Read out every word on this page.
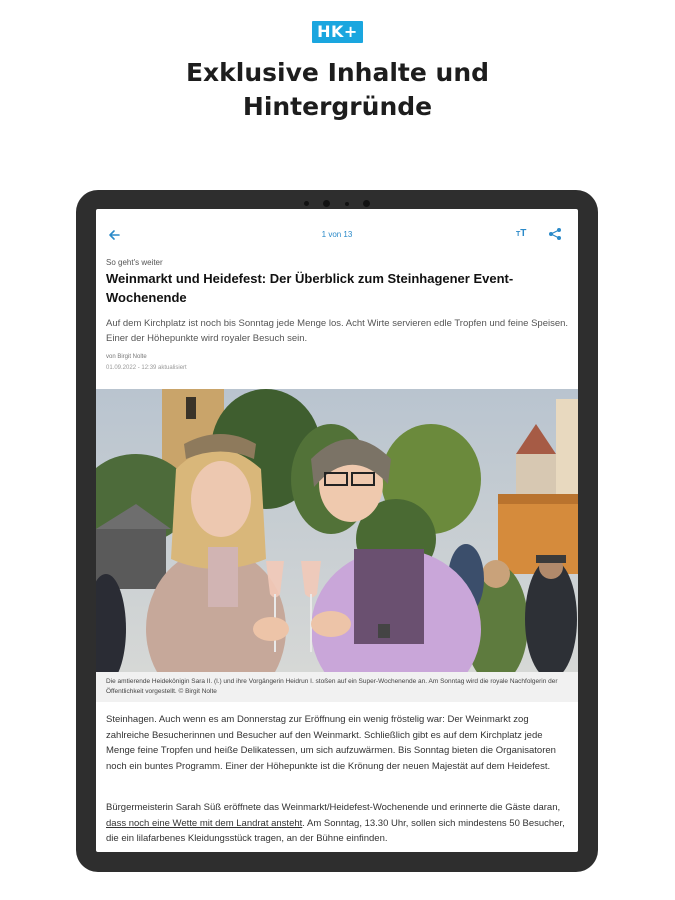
HK+
Exklusive Inhalte und
Hintergründe

1 von 13	TT
So geht's weiter
Weinmarkt und Heidefest: Der Überblick zum Steinhagener Event-Wochenende
Auf dem Kirchplatz ist noch bis Sonntag jede Menge los. Acht Wirte servieren edle Tropfen und feine Speisen. Einer der Höhepunkte wird royaler Besuch sein.
von Birgit Nolte
01.09.2022 - 12:39 aktualisiert
Die amtierende Heidekönigin Sara II. (l.) und ihre Vorgängerin Heidrun I. stoßen auf ein Super-Wochenende an. Am Sonntag wird die royale Nachfolgerin der Öffentlichkeit vorgestellt. © Birgit Nolte
Steinhagen. Auch wenn es am Donnerstag zur Eröffnung ein wenig fröstelig war: Der Weinmarkt zog zahlreiche Besucherinnen und Besucher auf den Weinmarkt. Schließlich gibt es auf dem Kirchplatz jede Menge feine Tropfen und heiße Delikatessen, um sich aufzuwärmen. Bis Sonntag bieten die Organisatoren noch ein buntes Programm. Einer der Höhepunkte ist die Krönung der neuen Majestät auf dem Heidefest.
Bürgermeisterin Sarah Süß eröffnete das Weinmarkt/Heidefest-Wochenende und erinnerte die Gäste daran, dass noch eine Wette mit dem Landrat ansteht. Am Sonntag, 13.30 Uhr, sollen sich mindestens 50 Besucher, die ein lilafarbenes Kleidungsstück tragen, an der Bühne einfinden.
